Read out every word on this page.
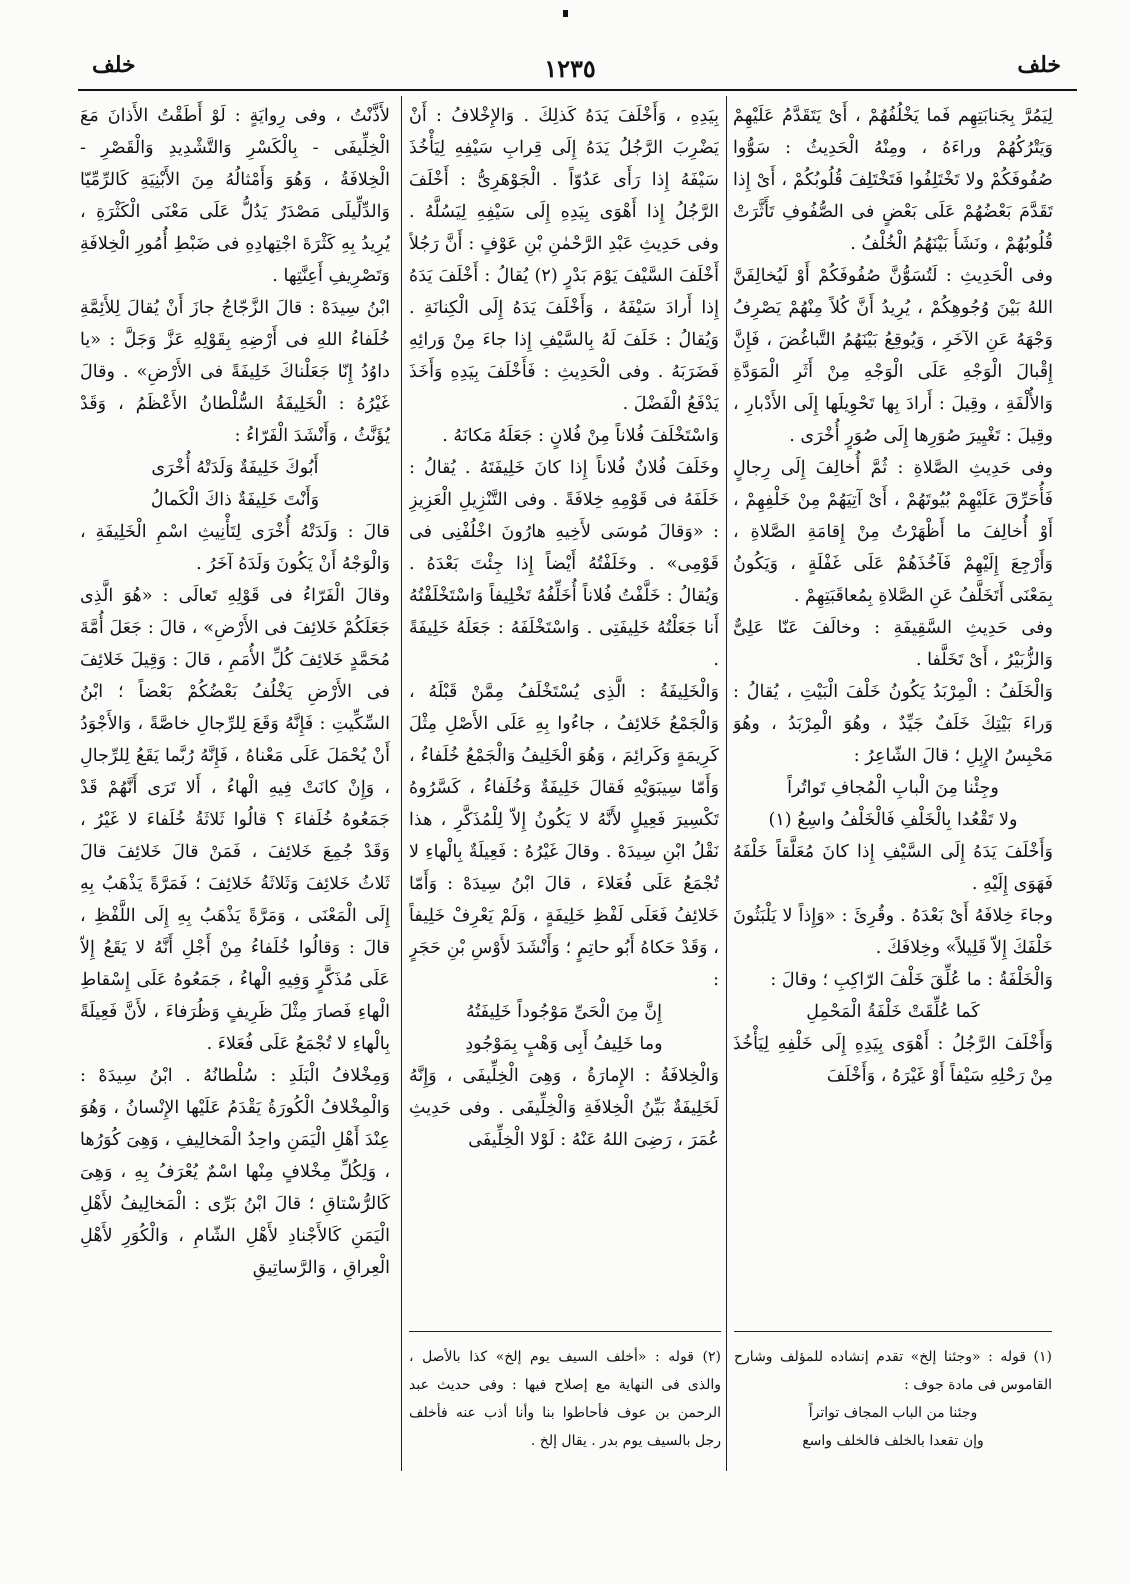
خلف	١٢٣٥	خلف

لِيَمُرَّ بِجَنابَتِهِم فَما يَخْلُفُهُمْ ، أَىْ يَتَقَدَّمُ عَلَيْهِمْ وَيَتْرُكُهُمْ وراءَهُ ، ومِنْهُ الْحَدِيثُ : سَوُّوا صُفُوفَكُمْ ولا تَخْتَلِفُوا فَتَخْتَلِفَ قُلُوبُكُمْ ، أَىْ إِذا تَقَدَّمَ بَعْضُهُمْ عَلَى بَعْضٍ فى الصُّفُوفِ تَأَثَّرَتْ قُلُوبُهُمْ ، ونَشَأَ بَيْنَهُمُ الْخُلْفُ .

وفى الْحَدِيثِ : لَتُسَوُّنَّ صُفُوفَكُمْ أَوْ لَيُخالِفَنَّ اللهُ بَيْنَ وُجُوهِكُمْ ، يُرِيدُ أَنَّ كُلاً مِنْهُمْ يَصْرِفُ وَجْهَهُ عَنِ الآخَرِ ، وَيُوقِعُ بَيْنَهُمُ التَّباغُضَ ، فَإِنَّ إِقْبالَ الْوَجْهِ عَلَى الْوَجْهِ مِنْ أَثَرِ الْمَوَدَّةِ وَالأُلْفَةِ ، وقِيلَ : أَرادَ بِها تَحْوِيلَها إِلَى الأَدْبارِ ، وقِيلَ : تَغْيِيرَ صُوَرِها إِلَى صُوَرٍ أُخْرَى .

وفى حَدِيثِ الصَّلاةِ : ثُمَّ أُخالِفَ إِلَى رِجالٍ فَأُحَرِّقَ عَلَيْهِمْ بُيُوتَهُمْ ، أَىْ آتِيَهُمْ مِنْ خَلْفِهِمْ ، أَوْ أُخالِفَ ما أَظْهَرْتُ مِنْ إِقامَةِ الصَّلاةِ ، وَأَرْجِعَ إِلَيْهِمْ فَآخُذَهُمْ عَلَى غَفْلَةٍ ، وَيَكُونُ بِمَعْنَى أَتَخَلَّفُ عَنِ الصَّلاةِ بِمُعاقَبَتِهِمْ .

وفى حَدِيثِ السَّقِيفَةِ : وخالَفَ عَنّا عَلِىٌّ وَالزُّبَيْرُ ، أَىْ تَخَلَّفا .

وَالْخَلَفُ : الْمِرْبَدُ يَكُونُ خَلْفَ الْبَيْتِ ، يُقالُ : وَراءَ بَيْتِكَ خَلَفٌ جَيِّدٌ ، وهُوَ الْمِرْبَدُ ، وهُوَ مَحْبِسُ الإِبِلِ ؛ قالَ الشّاعِرُ :

وجِئْنا مِنَ الْبابِ الْمُجافِ تَواتُراً

ولا تَقْعُدا بِالْخَلْفِ فَالْخَلْفُ واسِعُ (١)

وَأَخْلَفَ يَدَهُ إِلَى السَّيْفِ إِذا كانَ مُعَلَّقاً خَلْفَهُ فَهَوَى إِلَيْهِ .

وجاءَ خِلافَهُ أَىْ بَعْدَهُ . وقُرِئَ : «وَإِذاً لا يَلْبَثُونَ خَلْفَكَ إِلاّ قَلِيلاً» وخِلافَكَ .

وَالْخَلْفَةُ : ما عُلِّقَ خَلْفَ الرّاكِبِ ؛ وقالَ :

كَما عُلِّقَتْ خَلْفَةُ الْمَحْمِلِ

وَأَخْلَفَ الرَّجُلُ : أَهْوَى بِيَدِهِ إِلَى خَلْفِهِ لِيَأْخُذَ مِنْ رَحْلِهِ سَيْفاً أَوْ غَيْرَهُ ، وَأَخْلَفَ

بِيَدِهِ ، وَأَخْلَفَ يَدَهُ كَذلِكَ . وَالإِخْلافُ : أَنْ يَضْرِبَ الرَّجُلُ يَدَهُ إِلَى قِرابِ سَيْفِهِ لِيَأْخُذَ سَيْفَهُ إِذا رَأَى عَدُوّاً . الْجَوْهَرِىُّ : أَخْلَفَ الرَّجُلُ إِذا أَهْوَى بِيَدِهِ إِلَى سَيْفِهِ لِيَسُلَّهُ . وفى حَدِيثِ عَبْدِ الرَّحْمٰنِ بْنِ عَوْفٍ : أَنَّ رَجُلاً أَخْلَفَ السَّيْفَ يَوْمَ بَدْرٍ (٢) يُقالُ : أَخْلَفَ يَدَهُ إِذا أَرادَ سَيْفَهُ ، وَأَخْلَفَ يَدَهُ إِلَى الْكِنانَةِ . وَيُقالُ : خَلَفَ لَهُ بِالسَّيْفِ إِذا جاءَ مِنْ وَرائِهِ فَضَرَبَهُ . وفى الْحَدِيثِ : فَأَخْلَفَ بِيَدِهِ وَأَخَذَ يَدْفَعُ الْفَضْلَ .

وَاسْتَخْلَفَ فُلاناً مِنْ فُلانٍ : جَعَلَهُ مَكانَهُ .

وخَلَفَ فُلانٌ فُلاناً إِذا كانَ خَلِيفَتَهُ . يُقالُ : خَلَفَهُ فى قَوْمِهِ خِلافَةً . وفى التَّنْزِيلِ الْعَزِيزِ : «وَقالَ مُوسَى لأَخِيهِ هارُونَ اخْلُفْنِى فى قَوْمِى» . وخَلَفْتُهُ أَيْضاً إِذا جِئْتَ بَعْدَهُ . وَيُقالُ : خَلَّفْتُ فُلاناً أُخَلِّفُهُ تَخْلِيفاً وَاسْتَخْلَفْتُهُ أَنا جَعَلْتُهُ خَلِيفَتِى . وَاسْتَخْلَفَهُ : جَعَلَهُ خَلِيفَةً .

وَالْخَلِيفَةُ : الَّذِى يُسْتَخْلَفُ مِمَّنْ قَبْلَهُ ، وَالْجَمْعُ خَلائِفُ ، جاءُوا بِهِ عَلَى الأَصْلِ مِثْلَ كَرِيمَةٍ وَكَرائِمَ ، وَهُوَ الْخَلِيفُ وَالْجَمْعُ خُلَفاءُ ، وَأَمّا سِيبَوَيْهِ فَقالَ خَلِيفَةٌ وَخُلَفاءُ ، كَسَّرُوهُ تَكْسِيرَ فَعِيلٍ لأَنَّهُ لا يَكُونُ إِلاّ لِلْمُذَكَّرِ ، هذا نَقْلُ ابْنِ سِيدَهْ . وقالَ غَيْرُهُ : فَعِيلَةٌ بِالْهاءِ لا تُجْمَعُ عَلَى فُعَلاءَ ، قالَ ابْنُ سِيدَهْ : وَأَمّا خَلائِفُ فَعَلَى لَفْظِ خَلِيفَةٍ ، وَلَمْ يَعْرِفْ خَلِيفاً ، وَقَدْ حَكاهُ أَبُو حاتِمٍ ؛ وَأَنْشَدَ لأَوْسِ بْنِ حَجَرٍ :

إِنَّ مِنَ الْحَىِّ مَوْجُوداً خَلِيفَتُهُ

وما خَلِيفُ أَبِى وَهْبٍ بِمَوْجُودِ

وَالْخِلافَةُ : الإِمارَةُ ، وَهِىَ الْخِلِّيفَى ، وَإِنَّهُ لَخَلِيفَةٌ بَيِّنُ الْخِلافَةِ وَالْخِلِّيفَى . وفى حَدِيثِ عُمَرَ ، رَضِىَ اللهُ عَنْهُ : لَوْلا الْخِلِّيفَى

لأَذَّنْتُ ، وفى رِوايَةٍ : لَوْ أَطَقْتُ الأَذانَ مَعَ الْخِلِّيفَى - بِالْكَسْرِ وَالتَّشْدِيدِ وَالْقَصْرِ - الْخِلافَةُ ، وَهُوَ وَأَمْثالُهُ مِنَ الأَبْنِيَةِ كَالرِّمِّيّا وَالدِّلِّيلَى مَصْدَرٌ يَدُلُّ عَلَى مَعْنَى الْكَثْرَةِ ، يُرِيدُ بِهِ كَثْرَةَ اجْتِهادِهِ فى ضَبْطِ أُمُورِ الْخِلافَةِ وَتَصْرِيفِ أَعِنَّتِها .

ابْنُ سِيدَهْ : قالَ الزَّجّاجُ جازَ أَنْ يُقالَ لِلأَئِمَّةِ خُلَفاءُ اللهِ فى أَرْضِهِ بِقَوْلِهِ عَزَّ وَجَلَّ : «يا داوُدُ إِنّا جَعَلْناكَ خَلِيفَةً فى الأَرْضِ» . وقالَ غَيْرُهُ : الْخَلِيفَةُ السُّلْطانُ الأَعْظَمُ ، وَقَدْ يُؤَنَّثُ ، وَأَنْشَدَ الْفَرّاءُ :

أَبُوكَ خَلِيفَةٌ وَلَدَتْهُ أُخْرَى

وَأَنْتَ خَلِيفَةٌ ذاكَ الْكَمالُ

قالَ : وَلَدَتْهُ أُخْرَى لِتَأْنِيثِ اسْمِ الْخَلِيفَةِ ، وَالْوَجْهُ أَنْ يَكُونَ وَلَدَهُ آخَرُ .

وقالَ الْفَرّاءُ فى قَوْلِهِ تَعالَى : «هُوَ الَّذِى جَعَلَكُمْ خَلائِفَ فى الأَرْضِ» ، قالَ : جَعَلَ أُمَّةَ مُحَمَّدٍ خَلائِفَ كُلِّ الأُمَمِ ، قالَ : وَقِيلَ خَلائِفَ فى الأَرْضِ يَخْلُفُ بَعْضُكُمْ بَعْضاً ؛ ابْنُ السِّكِّيتِ : فَإِنَّهُ وَقَعَ لِلرِّجالِ خاصَّةً ، وَالأَجْوَدُ أَنْ يُحْمَلَ عَلَى مَعْناهُ ، فَإِنَّهُ رُبَّما يَقَعُ لِلرِّجالِ ، وَإِنْ كانَتْ فِيهِ الْهاءُ ، أَلا تَرَى أَنَّهُمْ قَدْ جَمَعُوهُ خُلَفاءَ ؟ قالُوا ثَلاثَةُ خُلَفاءَ لا غَيْرُ ، وَقَدْ جُمِعَ خَلائِفَ ، فَمَنْ قالَ خَلائِفَ قالَ ثَلاثُ خَلائِفَ وَثَلاثَةُ خَلائِفَ ؛ فَمَرَّةً يَذْهَبُ بِهِ إِلَى الْمَعْنَى ، وَمَرَّةً يَذْهَبُ بِهِ إِلَى اللَّفْظِ ، قالَ : وَقالُوا خُلَفاءُ مِنْ أَجْلِ أَنَّهُ لا يَقَعُ إِلاّ عَلَى مُذَكَّرٍ وَفِيهِ الْهاءُ ، جَمَعُوهُ عَلَى إِسْقاطِ الْهاءِ فَصارَ مِثْلَ ظَرِيفٍ وَظُرَفاءَ ، لأَنَّ فَعِيلَةً بِالْهاءِ لا تُجْمَعُ عَلَى فُعَلاءَ .

وَمِخْلافُ الْبَلَدِ : سُلْطانُهُ . ابْنُ سِيدَهْ : وَالْمِخْلافُ الْكُورَةُ يَقْدَمُ عَلَيْها الإِنْسانُ ، وَهُوَ عِنْدَ أَهْلِ الْيَمَنِ واحِدُ الْمَخالِيفِ ، وَهِىَ كُوَرُها ، وَلِكُلِّ مِخْلافٍ مِنْها اسْمٌ يُعْرَفُ بِهِ ، وَهِىَ كَالرُّسْتاقِ ؛ قالَ ابْنُ بَرِّى : الْمَخالِيفُ لأَهْلِ الْيَمَنِ كَالأَجْنادِ لأَهْلِ الشّامِ ، وَالْكُوَرِ لأَهْلِ الْعِراقِ ، وَالرَّساتِيقِ

(١) قوله : «وجئنا إلخ» تقدم إنشاده للمؤلف وشارح القاموس فى مادة جوف :

وجئنا من الباب المجاف تواتراً

وإن تقعدا بالخلف فالخلف واسع

(٢) قوله : «أخلف السيف يوم إلخ» كذا بالأصل ، والذى فى النهاية مع إصلاح فيها : وفى حديث عبد الرحمن بن عوف فأحاطوا بنا وأنا أذب عنه فأخلف رجل بالسيف يوم بدر . يقال إلخ .
